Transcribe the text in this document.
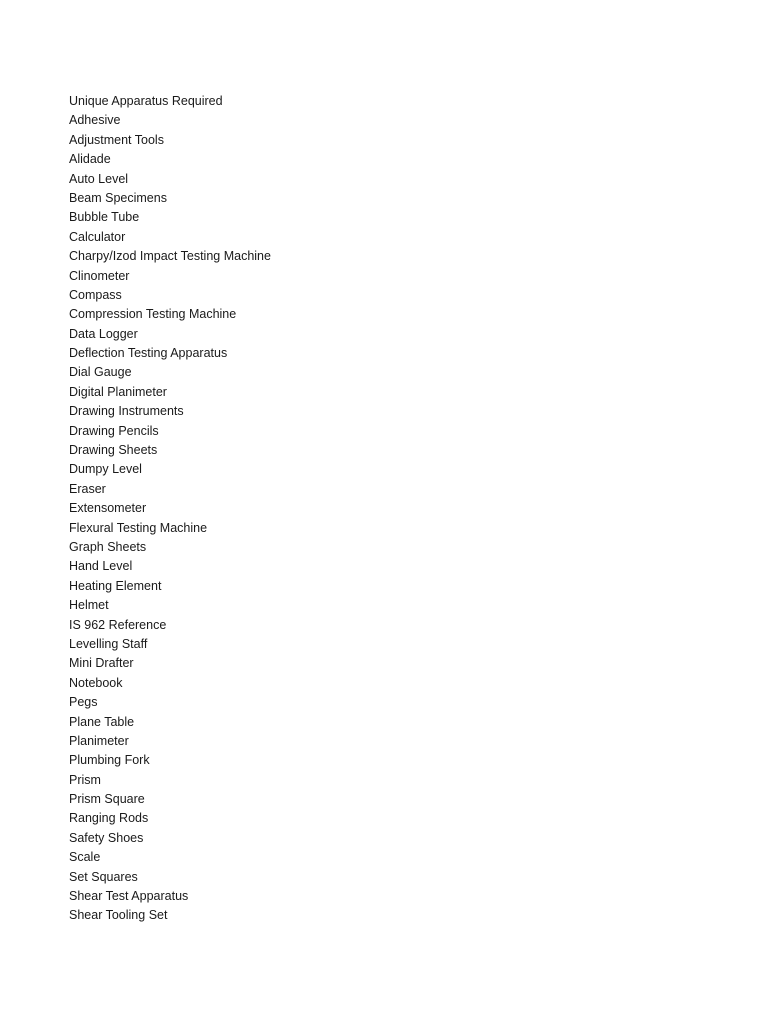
Unique Apparatus Required
Adhesive
Adjustment Tools
Alidade
Auto Level
Beam Specimens
Bubble Tube
Calculator
Charpy/Izod Impact Testing Machine
Clinometer
Compass
Compression Testing Machine
Data Logger
Deflection Testing Apparatus
Dial Gauge
Digital Planimeter
Drawing Instruments
Drawing Pencils
Drawing Sheets
Dumpy Level
Eraser
Extensometer
Flexural Testing Machine
Graph Sheets
Hand Level
Heating Element
Helmet
IS 962 Reference
Levelling Staff
Mini Drafter
Notebook
Pegs
Plane Table
Planimeter
Plumbing Fork
Prism
Prism Square
Ranging Rods
Safety Shoes
Scale
Set Squares
Shear Test Apparatus
Shear Tooling Set
